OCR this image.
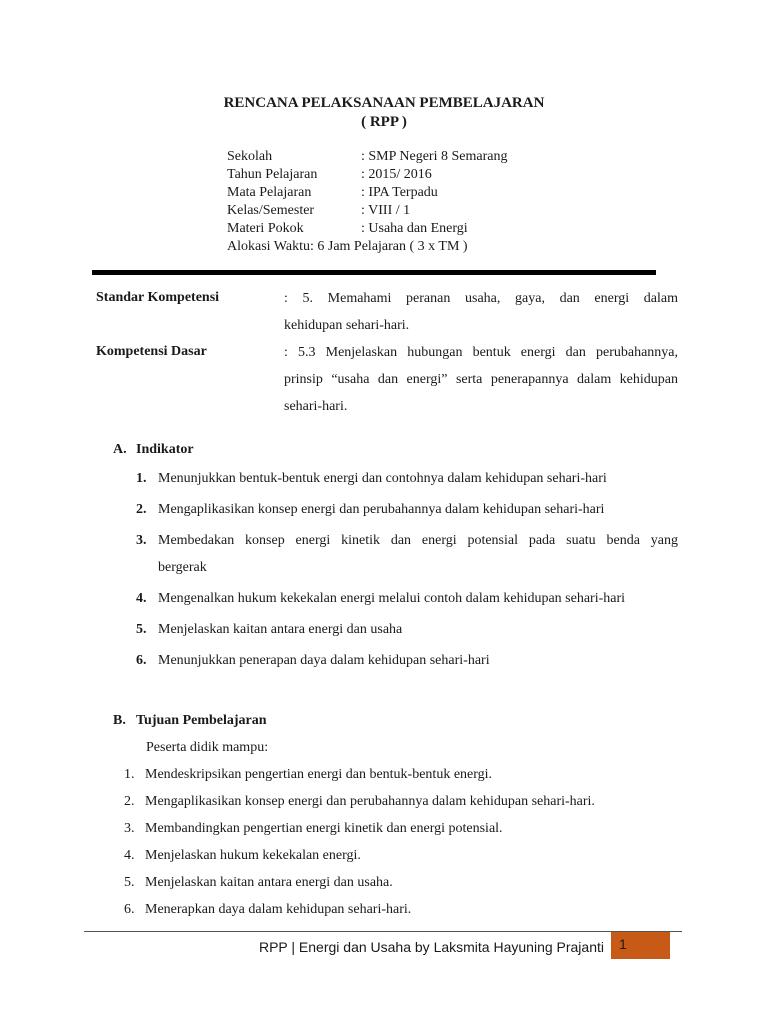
RENCANA PELAKSANAAN PEMBELAJARAN
( RPP )
Sekolah	: SMP Negeri 8 Semarang
Tahun Pelajaran	: 2015/ 2016
Mata Pelajaran	: IPA Terpadu
Kelas/Semester	: VIII / 1
Materi Pokok	: Usaha dan Energi
Alokasi Waktu: 6 Jam Pelajaran ( 3 x TM )
Standar Kompetensi	: 5. Memahami peranan usaha, gaya, dan energi dalam
kehidupan sehari-hari.
Kompetensi Dasar	: 5.3 Menjelaskan hubungan bentuk energi dan perubahannya,
prinsip “usaha dan energi” serta penerapannya dalam kehidupan
sehari-hari.
A. Indikator
1. Menunjukkan bentuk-bentuk energi dan contohnya dalam kehidupan sehari-hari
2. Mengaplikasikan konsep energi dan perubahannya dalam kehidupan sehari-hari
3. Membedakan konsep energi kinetik dan energi potensial pada suatu benda yang
bergerak
4. Mengenalkan hukum kekekalan energi melalui contoh dalam kehidupan sehari-hari
5. Menjelaskan kaitan antara energi dan usaha
6. Menunjukkan penerapan daya dalam kehidupan sehari-hari
B. Tujuan Pembelajaran
Peserta didik mampu:
1. Mendeskripsikan pengertian energi dan bentuk-bentuk energi.
2. Mengaplikasikan konsep energi dan perubahannya dalam kehidupan sehari-hari.
3. Membandingkan pengertian energi kinetik dan energi potensial.
4. Menjelaskan hukum kekekalan energi.
5. Menjelaskan kaitan antara energi dan usaha.
6. Menerapkan daya dalam kehidupan sehari-hari.
RPP | Energi dan Usaha by Laksmita Hayuning Prajanti 1
